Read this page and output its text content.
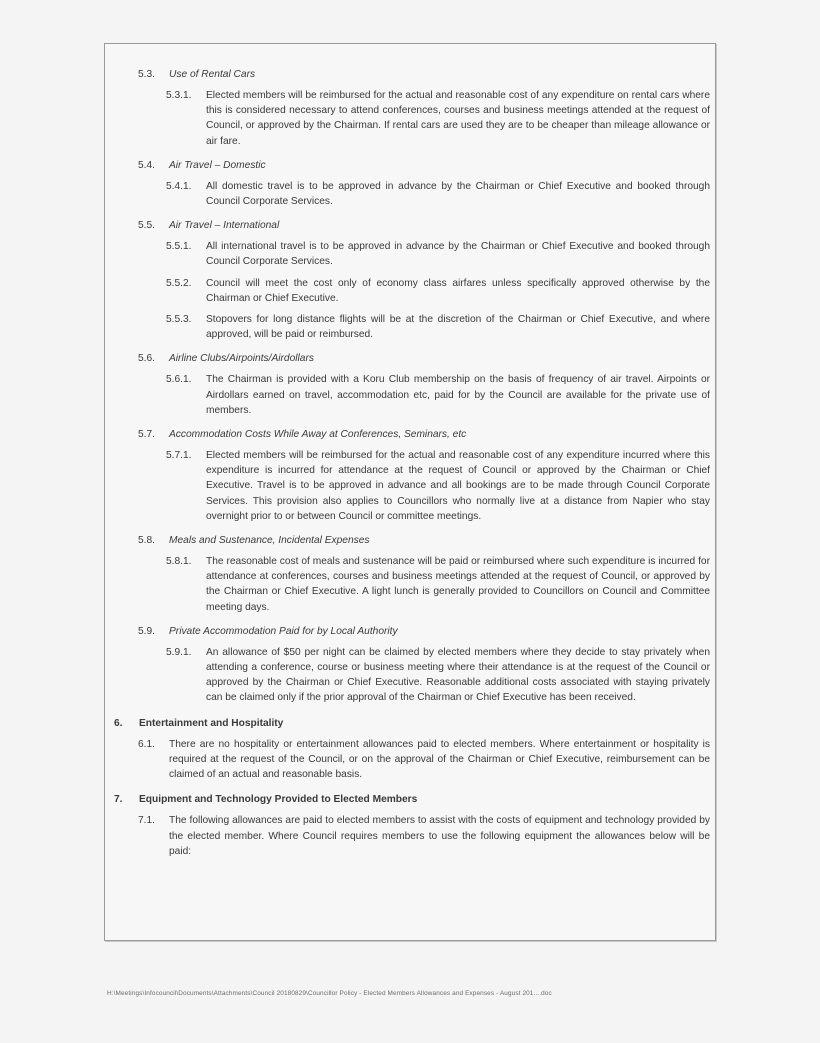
5.3.	Use of Rental Cars
5.3.1.	Elected members will be reimbursed for the actual and reasonable cost of any expenditure on rental cars where this is considered necessary to attend conferences, courses and business meetings attended at the request of Council, or approved by the Chairman. If rental cars are used they are to be cheaper than mileage allowance or air fare.
5.4.	Air Travel – Domestic
5.4.1.	All domestic travel is to be approved in advance by the Chairman or Chief Executive and booked through Council Corporate Services.
5.5.	Air Travel – International
5.5.1.	All international travel is to be approved in advance by the Chairman or Chief Executive and booked through Council Corporate Services.
5.5.2.	Council will meet the cost only of economy class airfares unless specifically approved otherwise by the Chairman or Chief Executive.
5.5.3.	Stopovers for long distance flights will be at the discretion of the Chairman or Chief Executive, and where approved, will be paid or reimbursed.
5.6.	Airline Clubs/Airpoints/Airdollars
5.6.1.	The Chairman is provided with a Koru Club membership on the basis of frequency of air travel. Airpoints or Airdollars earned on travel, accommodation etc, paid for by the Council are available for the private use of members.
5.7.	Accommodation Costs While Away at Conferences, Seminars, etc
5.7.1.	Elected members will be reimbursed for the actual and reasonable cost of any expenditure incurred where this expenditure is incurred for attendance at the request of Council or approved by the Chairman or Chief Executive. Travel is to be approved in advance and all bookings are to be made through Council Corporate Services. This provision also applies to Councillors who normally live at a distance from Napier who stay overnight prior to or between Council or committee meetings.
5.8.	Meals and Sustenance, Incidental Expenses
5.8.1.	The reasonable cost of meals and sustenance will be paid or reimbursed where such expenditure is incurred for attendance at conferences, courses and business meetings attended at the request of Council, or approved by the Chairman or Chief Executive. A light lunch is generally provided to Councillors on Council and Committee meeting days.
5.9.	Private Accommodation Paid for by Local Authority
5.9.1.	An allowance of $50 per night can be claimed by elected members where they decide to stay privately when attending a conference, course or business meeting where their attendance is at the request of the Council or approved by the Chairman or Chief Executive. Reasonable additional costs associated with staying privately can be claimed only if the prior approval of the Chairman or Chief Executive has been received.
6.	Entertainment and Hospitality
6.1.	There are no hospitality or entertainment allowances paid to elected members. Where entertainment or hospitality is required at the request of the Council, or on the approval of the Chairman or Chief Executive, reimbursement can be claimed of an actual and reasonable basis.
7.	Equipment and Technology Provided to Elected Members
7.1.	The following allowances are paid to elected members to assist with the costs of equipment and technology provided by the elected member. Where Council requires members to use the following equipment the allowances below will be paid:
H:\Meetings\Infocouncil\Documents\Attachments\Council 20180829\Councillor Policy - Elected Members Allowances and Expenses - August 201....doc
